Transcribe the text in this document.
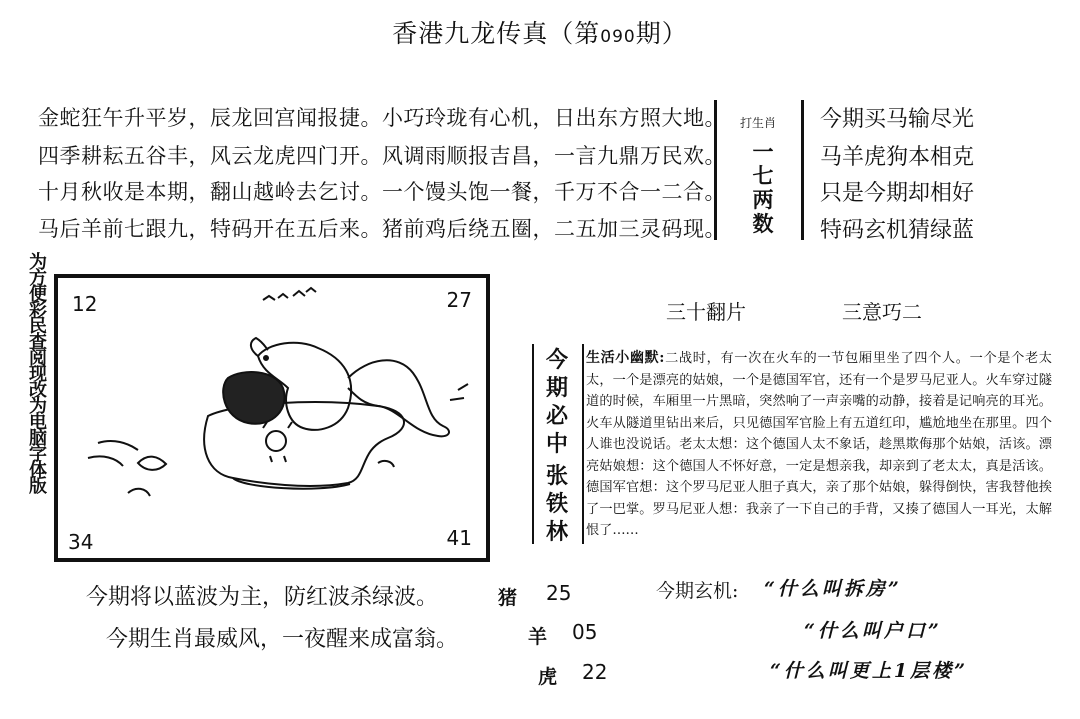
香港九龙传真（第090期）
金蛇狂午升平岁，辰龙回宫闻报捷。小巧玲珑有心机，日出东方照大地。
四季耕耘五谷丰，风云龙虎四门开。风调雨顺报吉昌，一言九鼎万民欢。
十月秋收是本期，翻山越岭去乞讨。一个馒头饱一餐，千万不合一二合。
马后羊前七跟九，特码开在五后来。猪前鸡后绕五圈，二五加三灵码现。
打生肖
一
七
两
数
今期买马输尽光
马羊虎狗本相克
只是今期却相好
特码玄机猜绿蓝
为方便彩民查阅现改为电脑字体版 12	27
34	41
三十翻片	三意巧二
今
期
必
中
张
铁
林
生活小幽默:二战时，有一次在火车的一节包厢里坐了四个人。一个是个老太太，一个是漂亮的姑娘，一个是德国军官，还有一个是罗马尼亚人。火车穿过隧道的时候，车厢里一片黑暗，突然响了一声亲嘴的动静，接着是记响亮的耳光。火车从隧道里钻出来后，只见德国军官脸上有五道红印，尴尬地坐在那里。四个人谁也没说话。老太太想：这个德国人太不象话，趁黑欺侮那个姑娘，活该。漂亮姑娘想：这个德国人不怀好意，一定是想亲我，却亲到了老太太，真是活该。德国军官想：这个罗马尼亚人胆子真大，亲了那个姑娘，躲得倒快，害我替他挨了一巴掌。罗马尼亚人想：我亲了一下自己的手背，又揍了德国人一耳光，太解恨了……
今期将以蓝波为主，防红波杀绿波。
今期生肖最威风，一夜醒来成富翁。
猪 25
羊 05
虎 22
今期玄机: “什么叫拆房”
“什么叫户口”
“什么叫更上1层楼”
